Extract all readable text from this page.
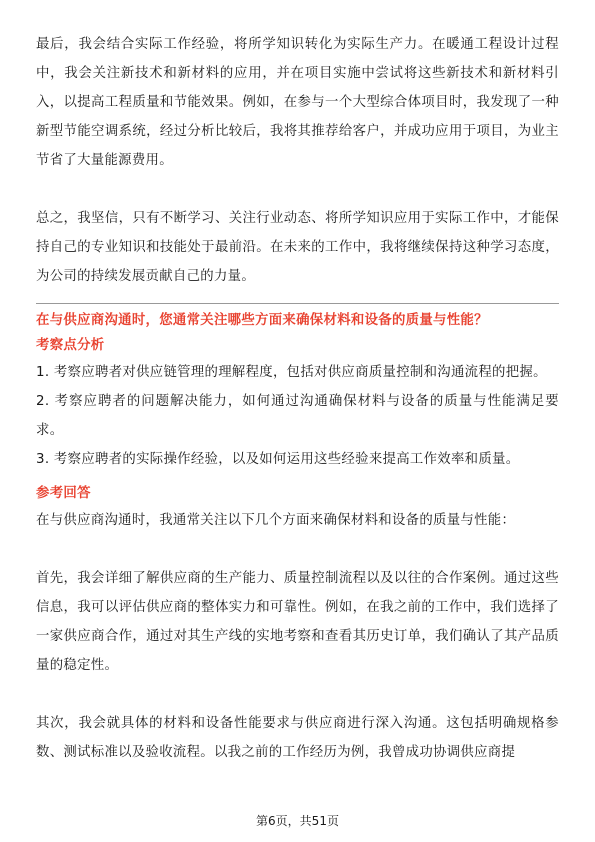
最后，我会结合实际工作经验，将所学知识转化为实际生产力。在暖通工程设计过程中，我会关注新技术和新材料的应用，并在项目实施中尝试将这些新技术和新材料引入，以提高工程质量和节能效果。例如，在参与一个大型综合体项目时，我发现了一种新型节能空调系统，经过分析比较后，我将其推荐给客户，并成功应用于项目，为业主节省了大量能源费用。

总之，我坚信，只有不断学习、关注行业动态、将所学知识应用于实际工作中，才能保持自己的专业知识和技能处于最前沿。在未来的工作中，我将继续保持这种学习态度，为公司的持续发展贡献自己的力量。

在与供应商沟通时，您通常关注哪些方面来确保材料和设备的质量与性能？

考察点分析

1. 考察应聘者对供应链管理的理解程度，包括对供应商质量控制和沟通流程的把握。

2. 考察应聘者的问题解决能力，如何通过沟通确保材料与设备的质量与性能满足要求。

3. 考察应聘者的实际操作经验，以及如何运用这些经验来提高工作效率和质量。

参考回答

在与供应商沟通时，我通常关注以下几个方面来确保材料和设备的质量与性能：

首先，我会详细了解供应商的生产能力、质量控制流程以及以往的合作案例。通过这些信息，我可以评估供应商的整体实力和可靠性。例如，在我之前的工作中，我们选择了一家供应商合作，通过对其生产线的实地考察和查看其历史订单，我们确认了其产品质量的稳定性。

其次，我会就具体的材料和设备性能要求与供应商进行深入沟通。这包括明确规格参数、测试标准以及验收流程。以我之前的工作经历为例，我曾成功协调供应商提

第6页，共51页
